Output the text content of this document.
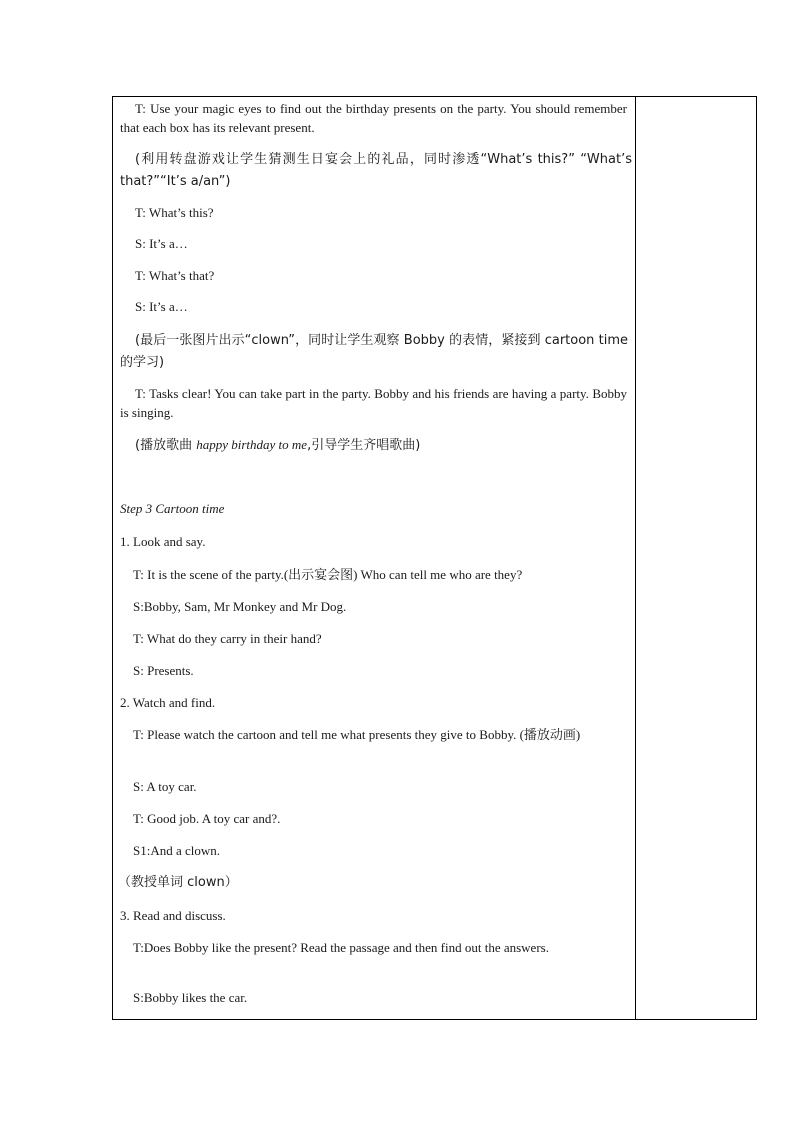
T: Use your magic eyes to find out the birthday presents on the party. You should remember that each box has its relevant present.
(利用转盘游戏让学生猜测生日宴会上的礼品，同时渗透“What’s this?” “What’s that?”“It’s a/an”)
T: What’s this?
S: It’s a…
T: What’s that?
S: It’s a…
(最后一张图片出示“clown”，同时让学生观察 Bobby 的表情，紧接到 cartoon time 的学习)
T: Tasks clear! You can take part in the party. Bobby and his friends are having a party. Bobby is singing.
(播放歌曲 happy birthday to me,引导学生齐唱歌曲)
Step 3 Cartoon time
1. Look and say.
T: It is the scene of the party.(出示宴会图) Who can tell me who are they?
S:Bobby, Sam, Mr Monkey and Mr Dog.
T: What do they carry in their hand?
S: Presents.
2. Watch and find.
T: Please watch the cartoon and tell me what presents they give to Bobby. (播放动画)
S: A toy car.
T: Good job. A toy car and?.
S1:And a clown.
（教授单词 clown）
3. Read and discuss.
T:Does Bobby like the present? Read the passage and then find out the answers.
S:Bobby likes the car.
